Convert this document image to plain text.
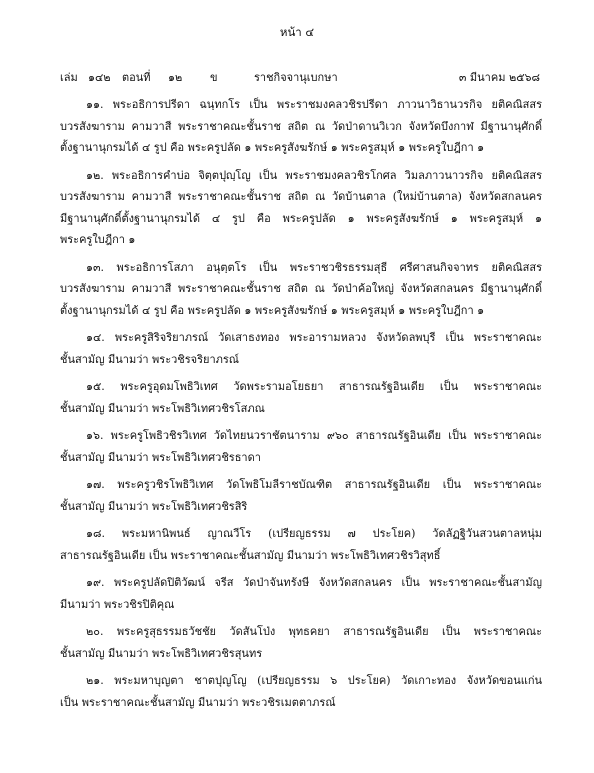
หน้า ๔
เล่ม ๑๔๒ ตอนที่ ๑๒	ข	ราชกิจจานุเบกษา	๓ มีนาคม ๒๕๖๘
๑๑. พระอธิการปรีดา ฉนฺทกโร เป็น พระราชมงคลวชิรปรีดา ภาวนาวิธานวรกิจ ยติคณิสสร
บวรสังฆาราม คามวาสี พระราชาคณะชั้นราช สถิต ณ วัดป่าดานวิเวก จังหวัดบึงกาฬ มีฐานานุศักดิ์
ตั้งฐานานุกรมได้ ๔ รูป คือ พระครูปลัด ๑ พระครูสังฆรักษ์ ๑ พระครูสมุห์ ๑ พระครูใบฎีกา ๑
๑๒. พระอธิการคำบ่อ จิตฺตปุญฺโญ เป็น พระราชมงคลวชิรโกศล วิมลภาวนาวรกิจ ยติคณิสสร
บวรสังฆาราม คามวาสี พระราชาคณะชั้นราช สถิต ณ วัดบ้านตาล (ใหม่บ้านตาล) จังหวัดสกลนคร
มีฐานานุศักดิ์ตั้งฐานานุกรมได้ ๔ รูป คือ พระครูปลัด ๑ พระครูสังฆรักษ์ ๑ พระครูสมุห์ ๑
พระครูใบฎีกา ๑
๑๓. พระอธิการโสภา อนุตฺตโร เป็น พระราชวชิรธรรมสุธี ศรีศาสนกิจจาทร ยติคณิสสร
บวรสังฆาราม คามวาสี พระราชาคณะชั้นราช สถิต ณ วัดป่าค้อใหญ่ จังหวัดสกลนคร มีฐานานุศักดิ์
ตั้งฐานานุกรมได้ ๔ รูป คือ พระครูปลัด ๑ พระครูสังฆรักษ์ ๑ พระครูสมุห์ ๑ พระครูใบฎีกา ๑
๑๔. พระครูสิริจริยาภรณ์ วัดเสาธงทอง พระอารามหลวง จังหวัดลพบุรี เป็น พระราชาคณะ
ชั้นสามัญ มีนามว่า พระวชิรจริยาภรณ์
๑๕. พระครูอุดมโพธิวิเทศ วัดพระรามอโยธยา สาธารณรัฐอินเดีย เป็น พระราชาคณะ
ชั้นสามัญ มีนามว่า พระโพธิวิเทศวชิรโสภณ
๑๖. พระครูโพธิวชิรวิเทศ วัดไทยนวราชัตนาราม ๙๖๐ สาธารณรัฐอินเดีย เป็น พระราชาคณะ
ชั้นสามัญ มีนามว่า พระโพธิวิเทศวชิรธาดา
๑๗. พระครูวชิรโพธิวิเทศ วัดโพธิโมลีราชบัณฑิต สาธารณรัฐอินเดีย เป็น พระราชาคณะ
ชั้นสามัญ มีนามว่า พระโพธิวิเทศวชิรสิริ
๑๘. พระมหานิพนธ์ ญาณวีโร (เปรียญธรรม ๗ ประโยค) วัดลัฏฐิวันสวนตาลหนุ่ม
สาธารณรัฐอินเดีย เป็น พระราชาคณะชั้นสามัญ มีนามว่า พระโพธิวิเทศวชิรวิสุทธิ์
๑๙. พระครูปลัดปิติวัฒน์ จรีส วัดป่าจันทรังษี จังหวัดสกลนคร เป็น พระราชาคณะชั้นสามัญ
มีนามว่า พระวชิรปิติคุณ
๒๐. พระครูสุธรรมธวัชชัย วัดสันโป่ง พุทธคยา สาธารณรัฐอินเดีย เป็น พระราชาคณะ
ชั้นสามัญ มีนามว่า พระโพธิวิเทศวชิรสุนทร
๒๑. พระมหาบุญตา ชาตปุญโญ (เปรียญธรรม ๖ ประโยค) วัดเกาะทอง จังหวัดขอนแก่น
เป็น พระราชาคณะชั้นสามัญ มีนามว่า พระวชิรเมตตาภรณ์
